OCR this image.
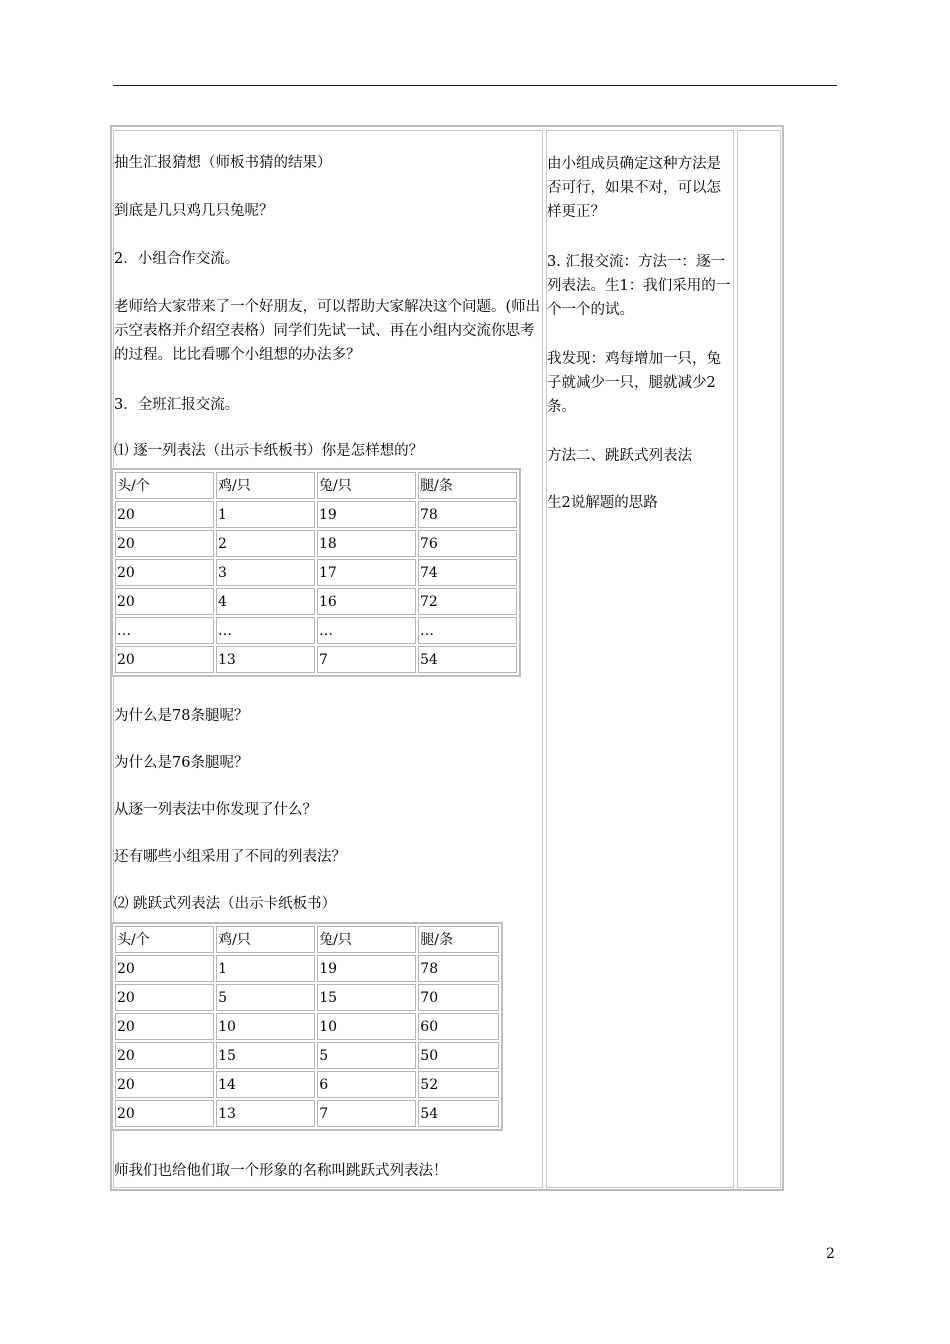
抽生汇报猜想（师板书猜的结果）
到底是几只鸡几只兔呢？
2．小组合作交流。
老师给大家带来了一个好朋友，可以帮助大家解决这个问题。(师出示空表格并介绍空表格）同学们先试一试、再在小组内交流你思考的过程。比比看哪个小组想的办法多？
3．全班汇报交流。
⑴ 逐一列表法（出示卡纸板书）你是怎样想的？
头/个	鸡/只	兔/只	腿/条
20	1	19	78
20	2	18	76
20	3	17	74
20	4	16	72
…	…	…	…
20	13	7	54
为什么是78条腿呢？
为什么是76条腿呢？
从逐一列表法中你发现了什么？
还有哪些小组采用了不同的列表法？
⑵ 跳跃式列表法（出示卡纸板书）
头/个	鸡/只	兔/只	腿/条
20	1	19	78
20	5	15	70
20	10	10	60
20	15	5	50
20	14	6	52
20	13	7	54
师我们也给他们取一个形象的名称叫跳跃式列表法！
由小组成员确定这种方法是否可行，如果不对，可以怎样更正？
3. 汇报交流：方法一：逐一列表法。生1：我们采用的一个一个的试。
我发现：鸡每增加一只，兔子就减少一只，腿就减少2条。
方法二、跳跃式列表法
生2说解题的思路
2
